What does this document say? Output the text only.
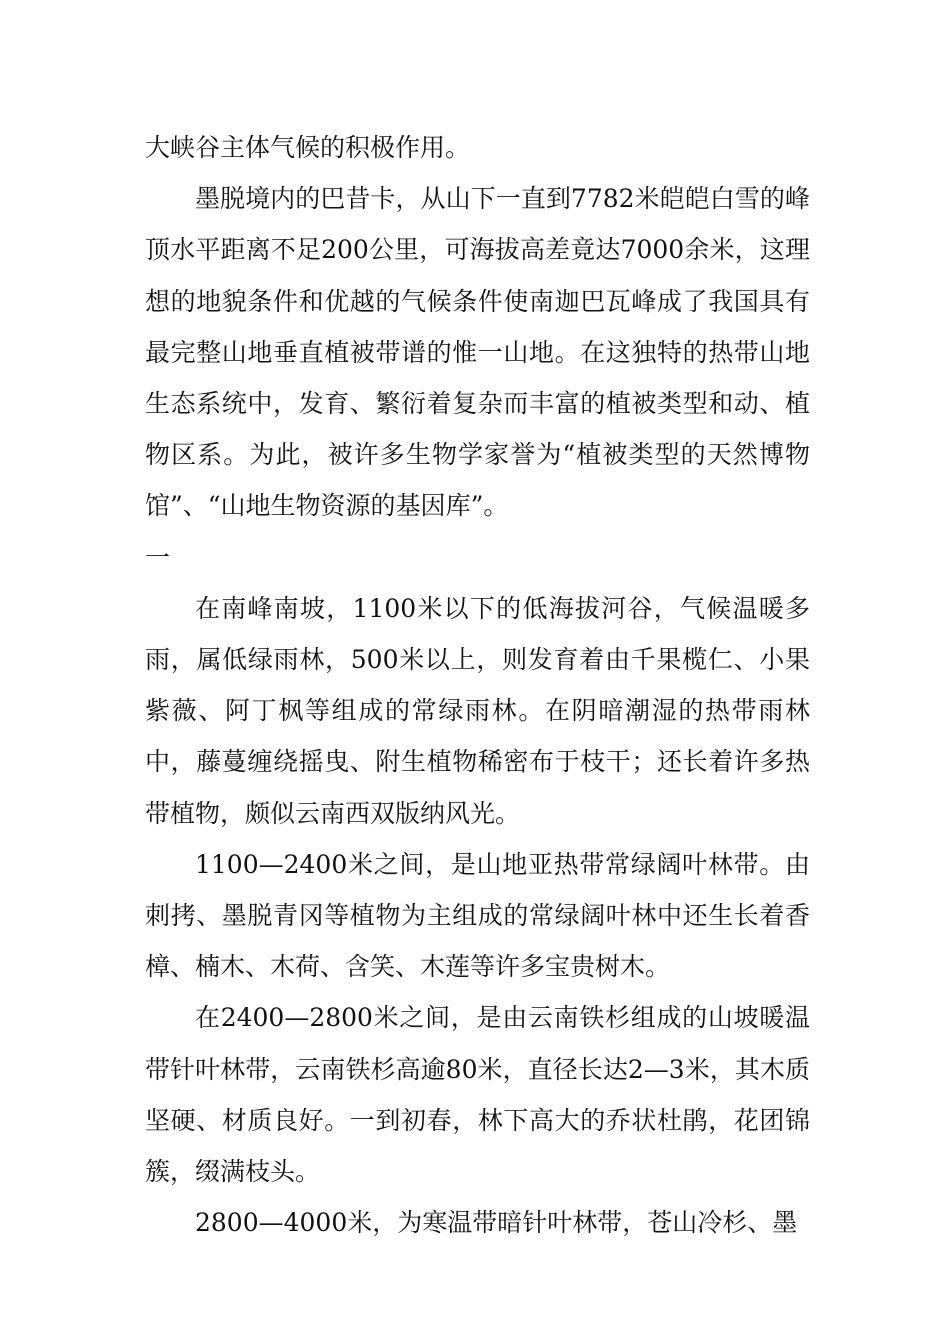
大峡谷主体气候的积极作用。

墨脱境内的巴昔卡，从山下一直到7782米皑皑白雪的峰顶水平距离不足200公里，可海拔高差竟达7000余米，这理想的地貌条件和优越的气候条件使南迦巴瓦峰成了我国具有最完整山地垂直植被带谱的惟一山地。在这独特的热带山地生态系统中，发育、繁衍着复杂而丰富的植被类型和动、植物区系。为此，被许多生物学家誉为“植被类型的天然博物馆”、“山地生物资源的基因库”。

一

在南峰南坡，1100米以下的低海拔河谷，气候温暖多雨，属低绿雨林，500米以上，则发育着由千果榄仁、小果紫薇、阿丁枫等组成的常绿雨林。在阴暗潮湿的热带雨林中，藤蔓缠绕摇曳、附生植物稀密布于枝干；还长着许多热带植物，颇似云南西双版纳风光。

1100—2400米之间，是山地亚热带常绿阔叶林带。由刺拷、墨脱青冈等植物为主组成的常绿阔叶林中还生长着香樟、楠木、木荷、含笑、木莲等许多宝贵树木。

在2400—2800米之间，是由云南铁杉组成的山坡暖温带针叶林带，云南铁杉高逾80米，直径长达2—3米，其木质坚硬、材质良好。一到初春，林下高大的乔状杜鹃，花团锦簇，缀满枝头。

2800—4000米，为寒温带暗针叶林带，苍山冷杉、墨
